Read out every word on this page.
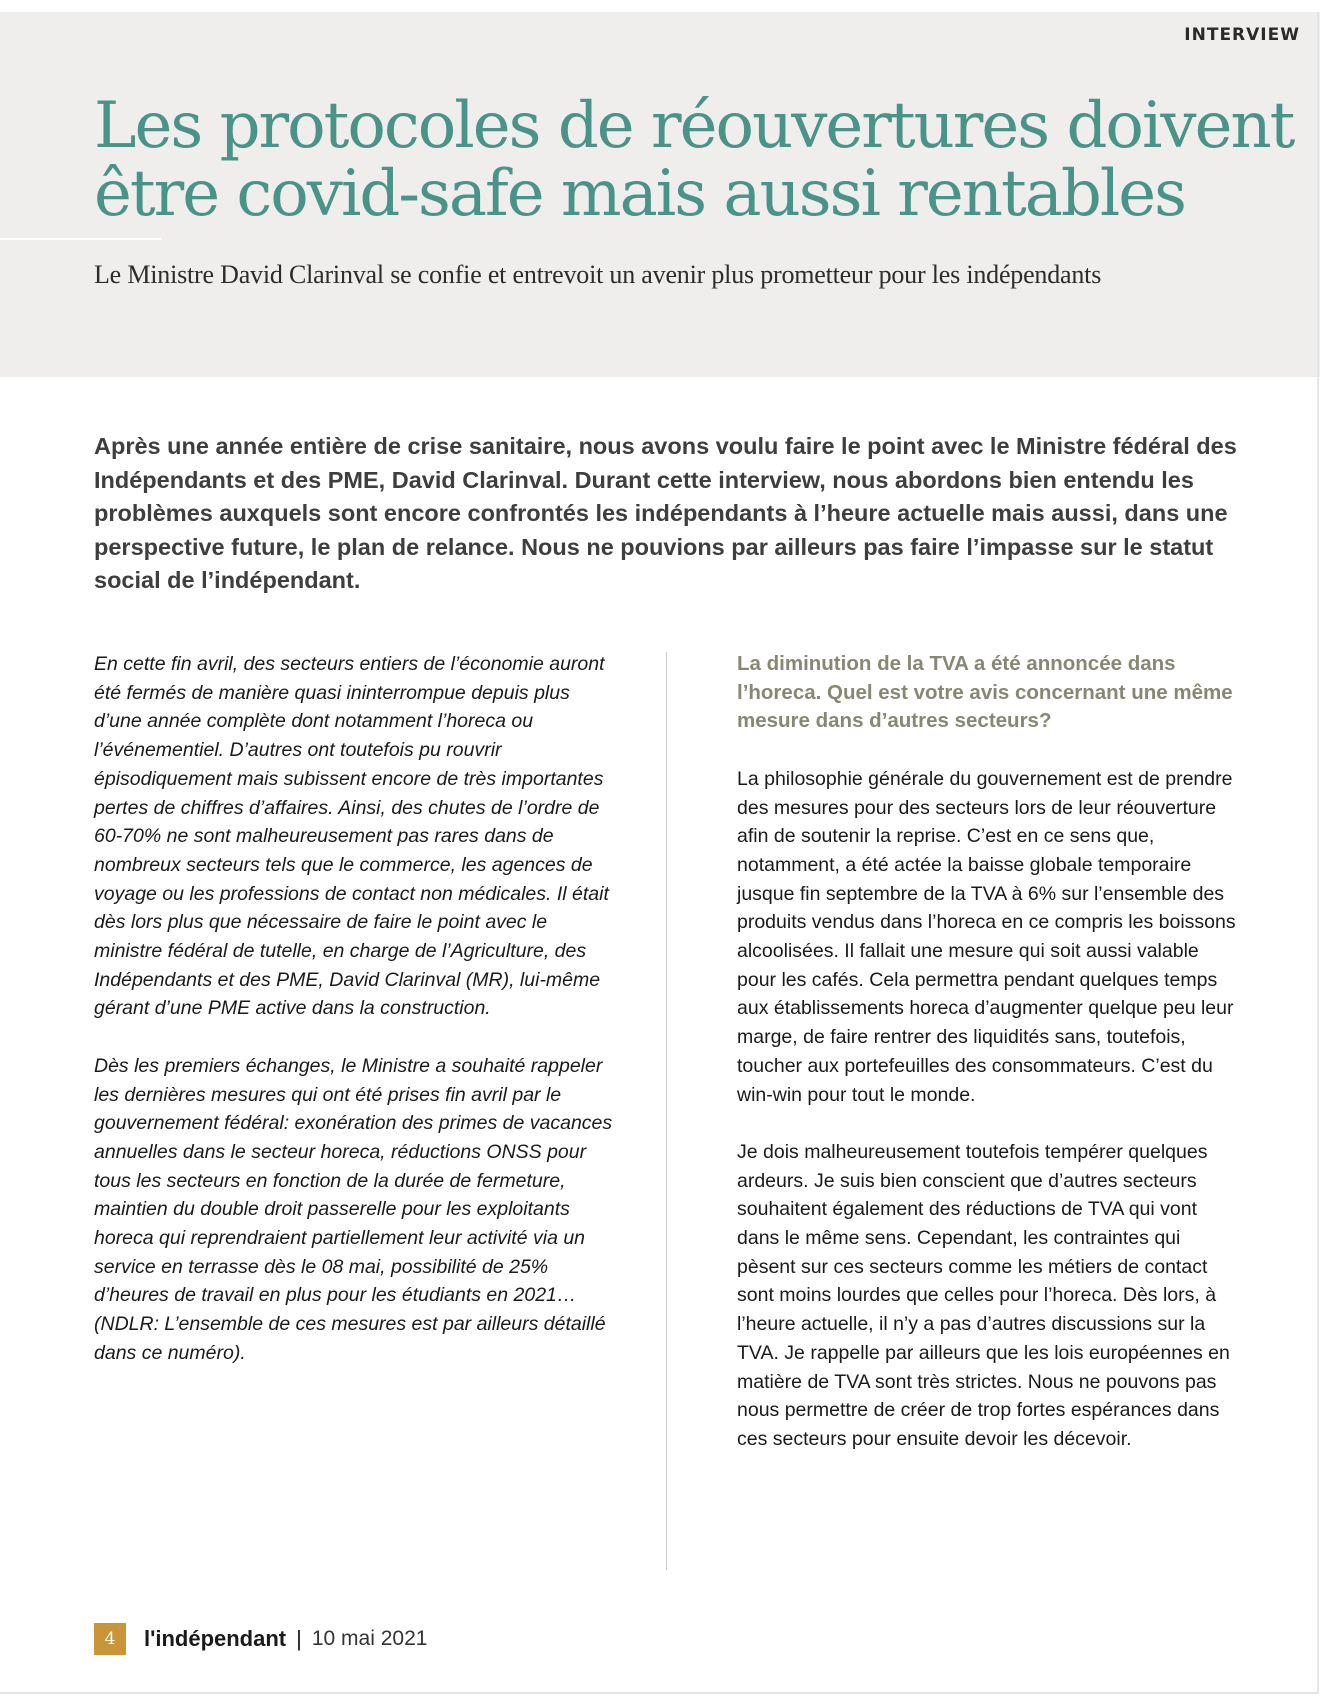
INTERVIEW
Les protocoles de réouvertures doivent être covid-safe mais aussi rentables
Le Ministre David Clarinval se confie et entrevoit un avenir plus prometteur pour les indépendants

Après une année entière de crise sanitaire, nous avons voulu faire le point avec le Ministre fédéral des Indépendants et des PME, David Clarinval. Durant cette interview, nous abordons bien entendu les problèmes auxquels sont encore confrontés les indépendants à l’heure actuelle mais aussi, dans une perspective future, le plan de relance. Nous ne pouvions par ailleurs pas faire l’impasse sur le statut social de l’indépendant.

En cette fin avril, des secteurs entiers de l’économie auront été fermés de manière quasi ininterrompue depuis plus d’une année complète dont notamment l’horeca ou l’événementiel. D’autres ont toutefois pu rouvrir épisodiquement mais subissent encore de très importantes pertes de chiffres d’affaires. Ainsi, des chutes de l’ordre de 60-70% ne sont malheureusement pas rares dans de nombreux secteurs tels que le commerce, les agences de voyage ou les professions de contact non médicales. Il était dès lors plus que nécessaire de faire le point avec le ministre fédéral de tutelle, en charge de l’Agriculture, des Indépendants et des PME, David Clarinval (MR), lui-même gérant d’une PME active dans la construction.

Dès les premiers échanges, le Ministre a souhaité rappeler les dernières mesures qui ont été prises fin avril par le gouvernement fédéral: exonération des primes de vacances annuelles dans le secteur horeca, réductions ONSS pour tous les secteurs en fonction de la durée de fermeture, maintien du double droit passerelle pour les exploitants horeca qui reprendraient partiellement leur activité via un service en terrasse dès le 08 mai, possibilité de 25% d’heures de travail en plus pour les étudiants en 2021… (NDLR: L’ensemble de ces mesures est par ailleurs détaillé dans ce numéro).

La diminution de la TVA a été annoncée dans l’horeca. Quel est votre avis concernant une même mesure dans d’autres secteurs?

La philosophie générale du gouvernement est de prendre des mesures pour des secteurs lors de leur réouverture afin de soutenir la reprise. C’est en ce sens que, notamment, a été actée la baisse globale temporaire jusque fin septembre de la TVA à 6% sur l’ensemble des produits vendus dans l’horeca en ce compris les boissons alcoolisées. Il fallait une mesure qui soit aussi valable pour les cafés. Cela permettra pendant quelques temps aux établissements horeca d’augmenter quelque peu leur marge, de faire rentrer des liquidités sans, toutefois, toucher aux portefeuilles des consommateurs. C’est du win-win pour tout le monde.

Je dois malheureusement toutefois tempérer quelques ardeurs. Je suis bien conscient que d’autres secteurs souhaitent également des réductions de TVA qui vont dans le même sens. Cependant, les contraintes qui pèsent sur ces secteurs comme les métiers de contact sont moins lourdes que celles pour l’horeca. Dès lors, à l’heure actuelle, il n’y a pas d’autres discussions sur la TVA. Je rappelle par ailleurs que les lois européennes en matière de TVA sont très strictes. Nous ne pouvons pas nous permettre de créer de trop fortes espérances dans ces secteurs pour ensuite devoir les décevoir.

4	l'indépendant | 10 mai 2021
